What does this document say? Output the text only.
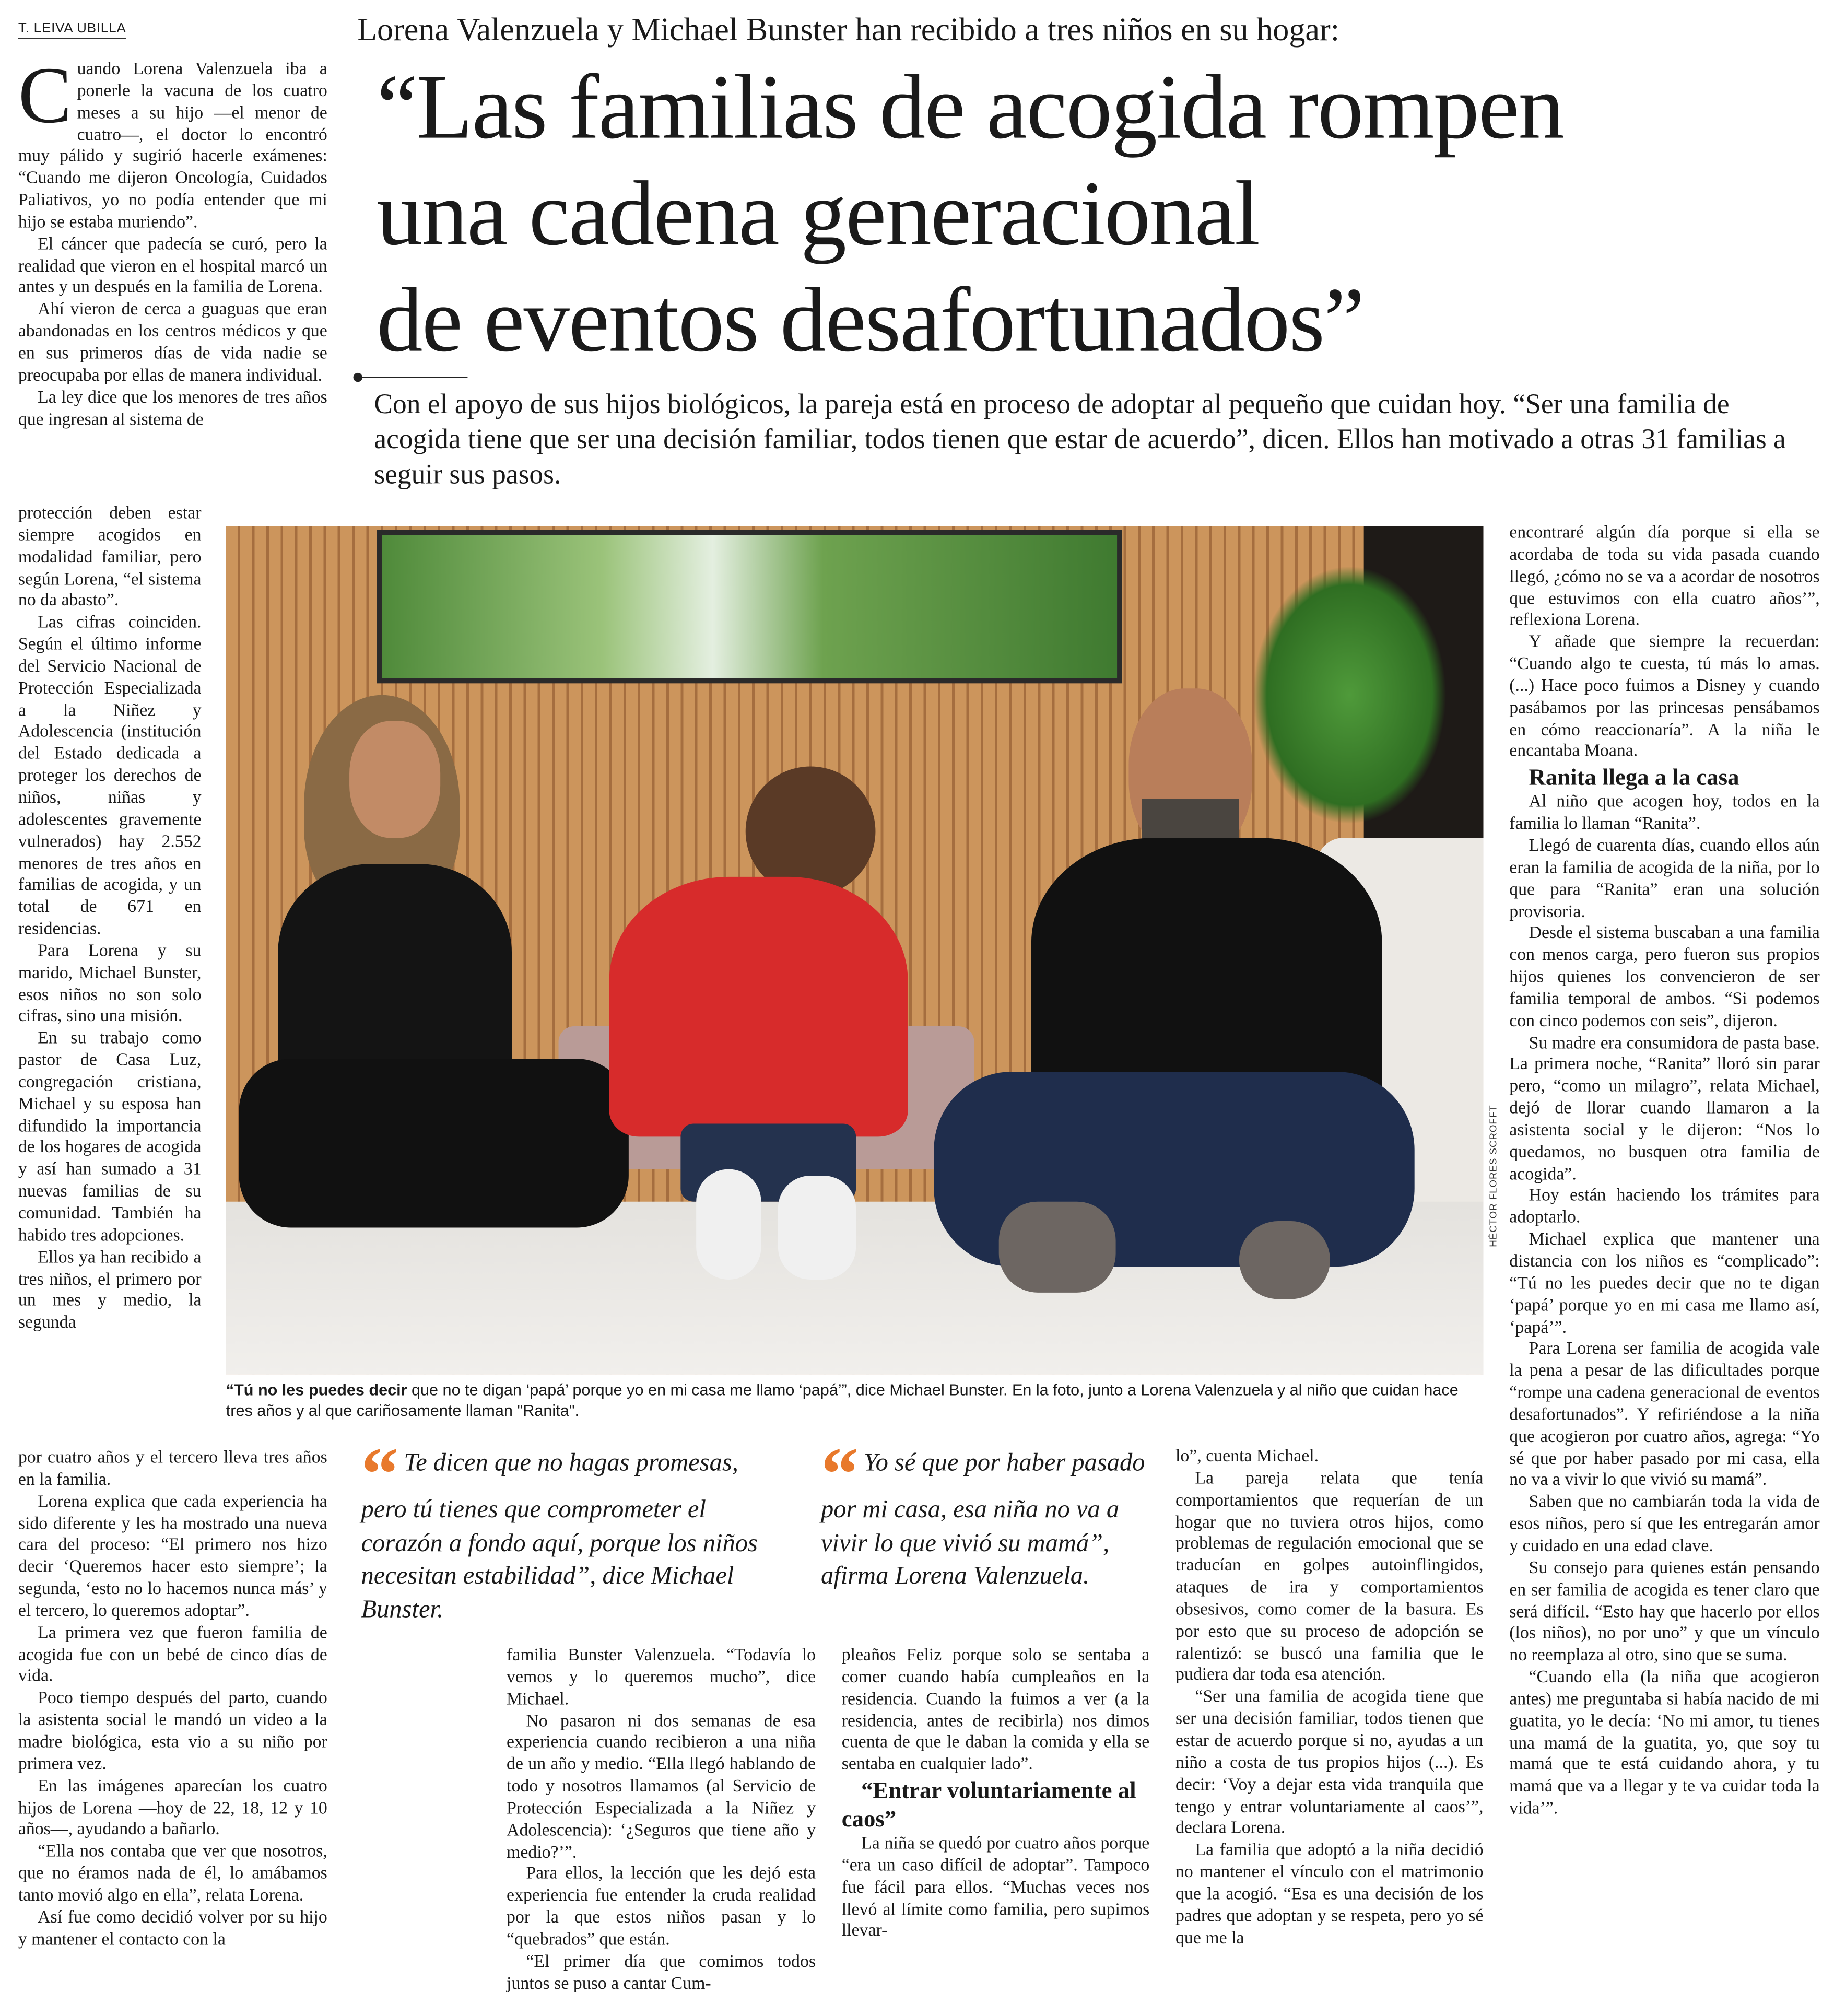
T. LEIVA UBILLA	Lorena Valenzuela y Michael Bunster han recibido a tres niños en su hogar:
“Las familias de acogida rompen
una cadena generacional
de eventos desafortunados”

Con el apoyo de sus hijos biológicos, la pareja está en proceso de adoptar al pequeño que cuidan hoy. “Ser una familia de acogida tiene que ser una decisión familiar, todos tienen que estar de acuerdo”, dicen. Ellos han motivado a otras 31 familias a seguir sus pasos.

Cuando Lorena Valenzuela iba a ponerle la vacuna de los cuatro meses a su hijo —el menor de cuatro—, el doctor lo encontró muy pálido y sugirió hacerle exámenes: “Cuando me dijeron Oncología, Cuidados Paliativos, yo no podía entender que mi hijo se estaba muriendo”.

El cáncer que padecía se curó, pero la realidad que vieron en el hospital marcó un antes y un después en la familia de Lorena.

Ahí vieron de cerca a guaguas que eran abandonadas en los centros médicos y que en sus primeros días de vida nadie se preocupaba por ellas de manera individual.

La ley dice que los menores de tres años que ingresan al sistema de

protección deben estar siempre acogidos en modalidad familiar, pero según Lorena, “el sistema no da abasto”.

Las cifras coinciden. Según el último informe del Servicio Nacional de Protección Especializada a la Niñez y Adolescencia (institución del Estado dedicada a proteger los derechos de niños, niñas y adolescentes gravemente vulnerados) hay 2.552 menores de tres años en familias de acogida, y un total de 671 en residencias.

Para Lorena y su marido, Michael Bunster, esos niños no son solo cifras, sino una misión.

En su trabajo como pastor de Casa Luz, congregación cristiana, Michael y su esposa han difundido la importancia de los hogares de acogida y así han sumado a 31 nuevas familias de su comunidad. También ha habido tres adopciones.

Ellos ya han recibido a tres niños, el primero por un mes y medio, la segunda

por cuatro años y el tercero lleva tres años en la familia.

Lorena explica que cada experiencia ha sido diferente y les ha mostrado una nueva cara del proceso: “El primero nos hizo decir ‘Queremos hacer esto siempre’; la segunda, ‘esto no lo hacemos nunca más’ y el tercero, lo queremos adoptar”.

La primera vez que fueron familia de acogida fue con un bebé de cinco días de vida.

Poco tiempo después del parto, cuando la asistenta social le mandó un video a la madre biológica, esta vio a su niño por primera vez.

En las imágenes aparecían los cuatro hijos de Lorena —hoy de 22, 18, 12 y 10 años—, ayudando a bañarlo.

“Ella nos contaba que ver que nosotros, que no éramos nada de él, lo amábamos tanto movió algo en ella”, relata Lorena.

Así fue como decidió volver por su hijo y mantener el contacto con la

HÉCTOR FLORES SCROFFT

“Tú no les puedes decir que no te digan ‘papá’ porque yo en mi casa me llamo ‘papá’”, dice Michael Bunster. En la foto, junto a Lorena Valenzuela y al niño que cuidan hace tres años y al que cariñosamente llaman "Ranita".

“ Te dicen que no hagas promesas, pero tú tienes que comprometer el corazón a fondo aquí, porque los niños necesitan estabilidad”, dice Michael Bunster.

“ Yo sé que por haber pasado por mi casa, esa niña no va a vivir lo que vivió su mamá”, afirma Lorena Valenzuela.

familia Bunster Valenzuela. “Todavía lo vemos y lo queremos mucho”, dice Michael.

No pasaron ni dos semanas de esa experiencia cuando recibieron a una niña de un año y medio. “Ella llegó hablando de todo y nosotros llamamos (al Servicio de Protección Especializada a la Niñez y Adolescencia): ‘¿Seguros que tiene año y medio?’”.

Para ellos, la lección que les dejó esta experiencia fue entender la cruda realidad por la que estos niños pasan y lo “quebrados” que están.

“El primer día que comimos todos juntos se puso a cantar Cum-

pleaños Feliz porque solo se sentaba a comer cuando había cumpleaños en la residencia. Cuando la fuimos a ver (a la residencia, antes de recibirla) nos dimos cuenta de que le daban la comida y ella se sentaba en cualquier lado”.

“Entrar voluntariamente al caos”

La niña se quedó por cuatro años porque “era un caso difícil de adoptar”. Tampoco fue fácil para ellos. “Muchas veces nos llevó al límite como familia, pero supimos llevar-

lo”, cuenta Michael.

La pareja relata que tenía comportamientos que requerían de un hogar que no tuviera otros hijos, como problemas de regulación emocional que se traducían en golpes autoinflingidos, ataques de ira y comportamientos obsesivos, como comer de la basura. Es por esto que su proceso de adopción se ralentizó: se buscó una familia que le pudiera dar toda esa atención.

“Ser una familia de acogida tiene que ser una decisión familiar, todos tienen que estar de acuerdo porque si no, ayudas a un niño a costa de tus propios hijos (...). Es decir: ‘Voy a dejar esta vida tranquila que tengo y entrar voluntariamente al caos’”, declara Lorena.

La familia que adoptó a la niña decidió no mantener el vínculo con el matrimonio que la acogió. “Esa es una decisión de los padres que adoptan y se respeta, pero yo sé que me la

encontraré algún día porque si ella se acordaba de toda su vida pasada cuando llegó, ¿cómo no se va a acordar de nosotros que estuvimos con ella cuatro años’”, reflexiona Lorena.

Y añade que siempre la recuerdan: “Cuando algo te cuesta, tú más lo amas. (...) Hace poco fuimos a Disney y cuando pasábamos por las princesas pensábamos en cómo reaccionaría”. A la niña le encantaba Moana.

Ranita llega a la casa

Al niño que acogen hoy, todos en la familia lo llaman “Ranita”.

Llegó de cuarenta días, cuando ellos aún eran la familia de acogida de la niña, por lo que para “Ranita” eran una solución provisoria.

Desde el sistema buscaban a una familia con menos carga, pero fueron sus propios hijos quienes los convencieron de ser familia temporal de ambos. “Si podemos con cinco podemos con seis”, dijeron.

Su madre era consumidora de pasta base. La primera noche, “Ranita” lloró sin parar pero, “como un milagro”, relata Michael, dejó de llorar cuando llamaron a la asistenta social y le dijeron: “Nos lo quedamos, no busquen otra familia de acogida”.

Hoy están haciendo los trámites para adoptarlo.

Michael explica que mantener una distancia con los niños es “complicado”: “Tú no les puedes decir que no te digan ‘papá’ porque yo en mi casa me llamo así, ‘papá’”.

Para Lorena ser familia de acogida vale la pena a pesar de las dificultades porque “rompe una cadena generacional de eventos desafortunados”. Y refiriéndose a la niña que acogieron por cuatro años, agrega: “Yo sé que por haber pasado por mi casa, ella no va a vivir lo que vivió su mamá”.

Saben que no cambiarán toda la vida de esos niños, pero sí que les entregarán amor y cuidado en una edad clave.

Su consejo para quienes están pensando en ser familia de acogida es tener claro que será difícil. “Esto hay que hacerlo por ellos (los niños), no por uno” y que un vínculo no reemplaza al otro, sino que se suma.

“Cuando ella (la niña que acogieron antes) me preguntaba si había nacido de mi guatita, yo le decía: ‘No mi amor, tu tienes una mamá de la guatita, yo, que soy tu mamá que te está cuidando ahora, y tu mamá que va a llegar y te va cuidar toda la vida’”.
